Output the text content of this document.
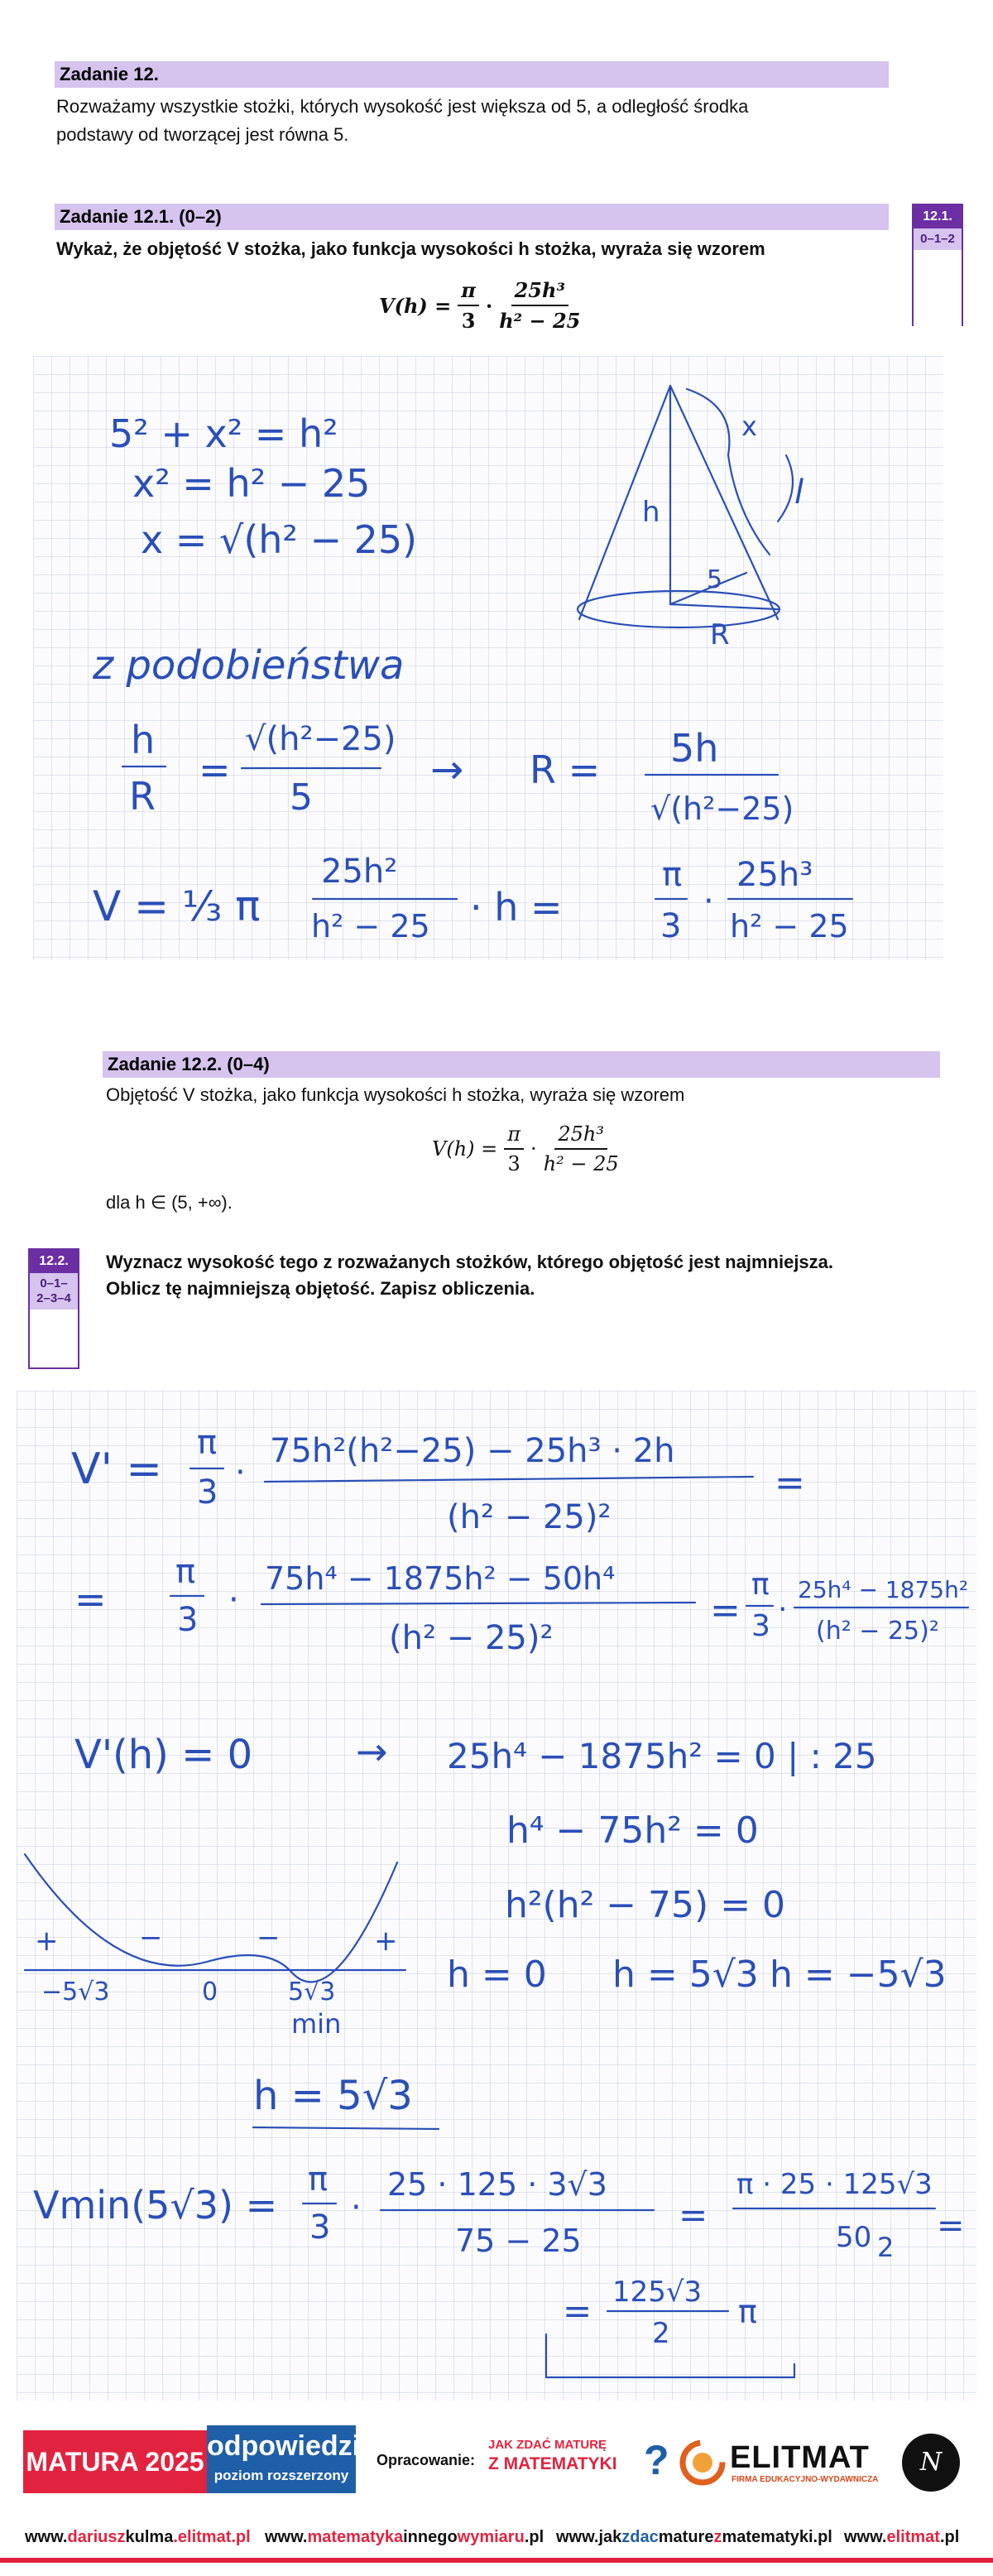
Zadanie 12.
Rozważamy wszystkie stożki, których wysokość jest większa od 5, a odległość środka
podstawy od tworzącej jest równa 5.
Zadanie 12.1. (0–2)
Wykaż, że objętość V stożka, jako funkcja wysokości h stożka, wyraża się wzorem
$V(h) = \frac{\pi}{3} \cdot \frac{\text{25h³}}{\text{h² − 25}}$
12.1.
0–1–2
5² + x² = h²
x² = h² − 25
x = √(h² − 25)
z podobieństwa
h
R
=
√(h²−25)
5
→ R = 5h
√(h²−25)
V = ⅓ π
25h²
h² − 25 · h =
π
3
·
25h³
h² − 25
h
x
l
5
R
Zadanie 12.2. (0–4)
Objętość V stożka, jako funkcja wysokości h stożka, wyraża się wzorem
$V(h) = \frac{\pi}{3} \cdot \frac{\text{25h³}}{\text{h² − 25}}$
dla h ∈ (5, +∞).
12.2.
0–1–
2–3–4
Wyznacz wysokość tego z rozważanych stożków, którego objętość jest najmniejsza.
Oblicz tę najmniejszą objętość. Zapisz obliczenia.
V' =
π
3
·
75h²(h²−25) − 25h³ · 2h
(h² − 25)²
=
=
π
3
·
75h⁴ − 1875h² − 50h⁴
(h² − 25)²
=
π
3 ·
25h⁴ − 1875h²
(h² − 25)²
V'(h) = 0	→ 25h⁴ − 1875h² = 0 | : 25
h⁴ − 75h² = 0
h²(h² − 75) = 0
+	−	−	+
−5√3	0	5√3
min
h = 0 h = 5√3 h = −5√3
h = 5√3
Vmin(5√3) =
π
3
·
25 · 125 · 3√3
75 − 25
=
π · 25 · 125√3
50 2
=
= 125√3
2
π
MATURA 2025 odpowiedzi
poziom rozszerzony
Opracowanie:
JAK ZDAĆ MATURĘ
Z MATEMATYKI ? ELITMAT
FIRMA EDUKACYJNO-WYDAWNICZA
N
www.dariuszkulma.elitmat.pl www.matematykainnegowymiaru.pl www.jakzdacmaturezmatematyki.pl www.elitmat.pl
